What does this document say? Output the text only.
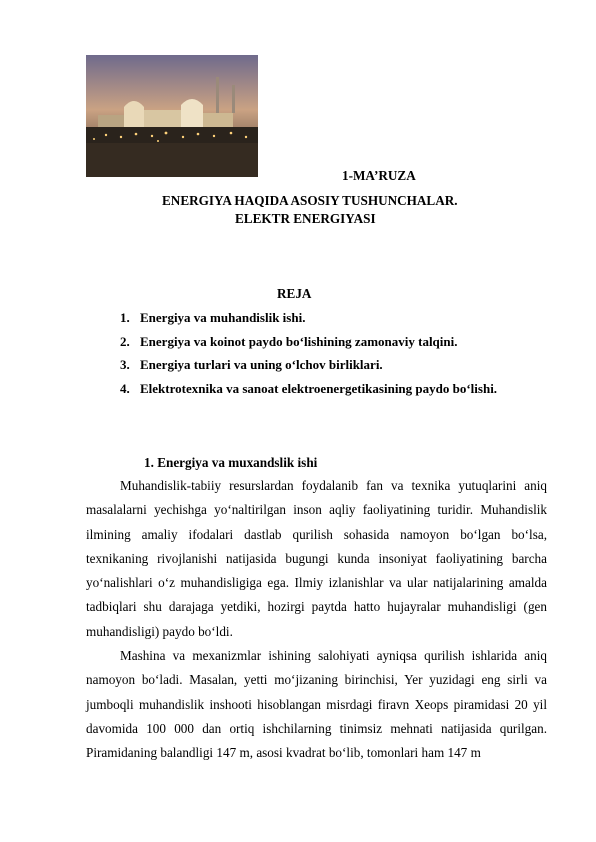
1-MA’RUZA
ENERGIYA HAQIDA ASOSIY TUSHUNCHALAR.
ELEKTR ENERGIYASI
REJA
1. Energiya va muhandislik ishi.
2. Energiya va koinot paydo bo‘lishining zamonaviy talqini.
3. Energiya turlari va uning o‘lchov birliklari.
4. Elektrotexnika va sanoat elektroenergetikasining paydo bo‘lishi.
1. Energiya va muxandslik ishi

Muhandislik-tabiiy resurslardan foydalanib fan va texnika yutuqlarini aniq masalalarni yechishga yo‘naltirilgan inson aqliy faoliyatining turidir. Muhandislik ilmining amaliy ifodalari dastlab qurilish sohasida namoyon bo‘lgan bo‘lsa, texnikaning rivojlanishi natijasida bugungi kunda insoniyat faoliyatining barcha yo‘nalishlari o‘z muhandisligiga ega. Ilmiy izlanishlar va ular natijalarining amalda tadbiqlari shu darajaga yetdiki, hozirgi paytda hatto hujayralar muhandisligi (gen muhandisligi) paydo bo‘ldi.

Mashina va mexanizmlar ishining salohiyati ayniqsa qurilish ishlarida aniq namoyon bo‘ladi. Masalan, yetti mo‘jizaning birinchisi, Yer yuzidagi eng sirli va jumboqli muhandislik inshooti hisoblangan misrdagi firavn Xeops piramidasi 20 yil davomida 100 000 dan ortiq ishchilarning tinimsiz mehnati natijasida qurilgan. Piramidaning balandligi 147 m, asosi kvadrat bo‘lib, tomonlari ham 147 m
